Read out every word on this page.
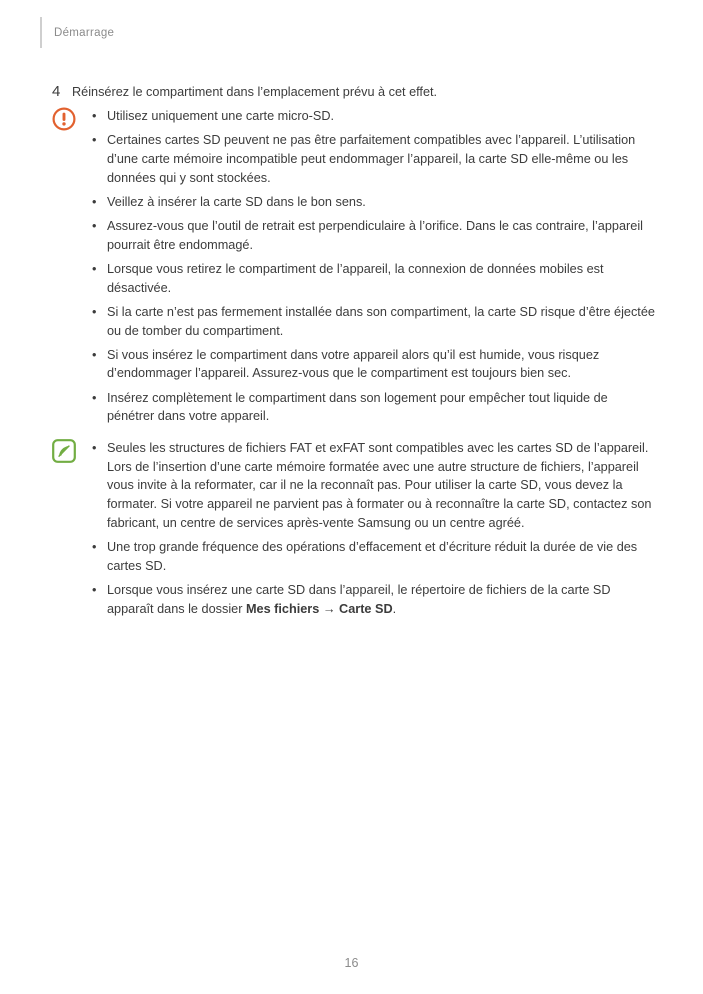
Démarrage
4 Réinsérez le compartiment dans l’emplacement prévu à cet effet.
• Utilisez uniquement une carte micro-SD.
• Certaines cartes SD peuvent ne pas être parfaitement compatibles avec l’appareil. L’utilisation d’une carte mémoire incompatible peut endommager l’appareil, la carte SD elle-même ou les données qui y sont stockées.
• Veillez à insérer la carte SD dans le bon sens.
• Assurez-vous que l’outil de retrait est perpendiculaire à l’orifice. Dans le cas contraire, l’appareil pourrait être endommagé.
• Lorsque vous retirez le compartiment de l’appareil, la connexion de données mobiles est désactivée.
• Si la carte n’est pas fermement installée dans son compartiment, la carte SD risque d’être éjectée ou de tomber du compartiment.
• Si vous insérez le compartiment dans votre appareil alors qu’il est humide, vous risquez d’endommager l’appareil. Assurez-vous que le compartiment est toujours bien sec.
• Insérez complètement le compartiment dans son logement pour empêcher tout liquide de pénétrer dans votre appareil.
• Seules les structures de fichiers FAT et exFAT sont compatibles avec les cartes SD de l’appareil. Lors de l’insertion d’une carte mémoire formatée avec une autre structure de fichiers, l’appareil vous invite à la reformater, car il ne la reconnaît pas. Pour utiliser la carte SD, vous devez la formater. Si votre appareil ne parvient pas à formater ou à reconnaître la carte SD, contactez son fabricant, un centre de services après-vente Samsung ou un centre agréé.
• Une trop grande fréquence des opérations d’effacement et d’écriture réduit la durée de vie des cartes SD.
• Lorsque vous insérez une carte SD dans l’appareil, le répertoire de fichiers de la carte SD apparaît dans le dossier Mes fichiers → Carte SD.
16
